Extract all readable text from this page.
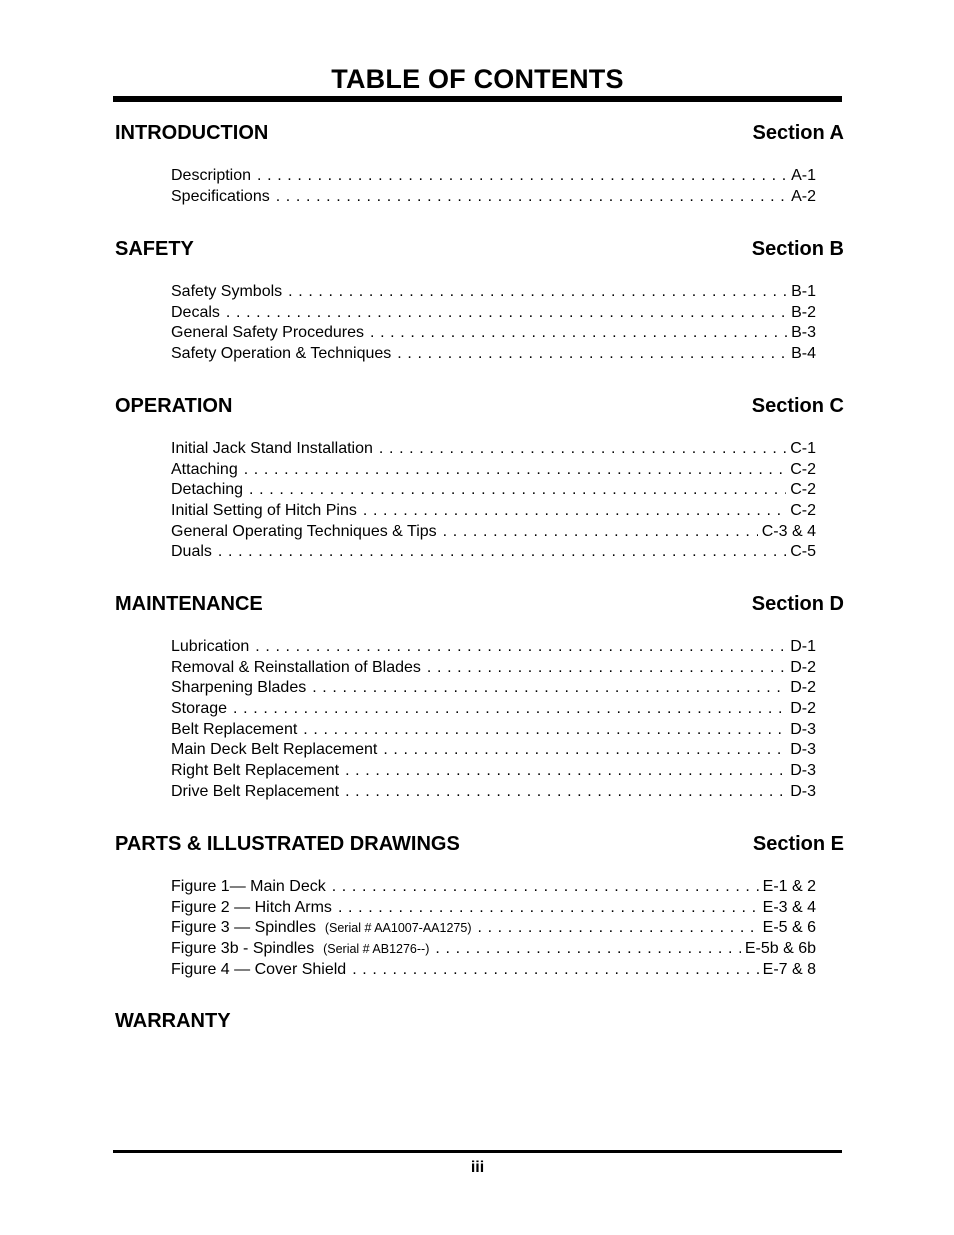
TABLE OF CONTENTS
INTRODUCTION	Section A
Description . . .	A-1
Specifications . . .	A-2
SAFETY	Section B
Safety Symbols . . .	B-1
Decals . . .	B-2
General Safety Procedures . . .	B-3
Safety Operation & Techniques . . .	B-4
OPERATION	Section C
Initial Jack Stand Installation . . .	C-1
Attaching . . .	C-2
Detaching . . .	C-2
Initial Setting of Hitch Pins . . .	C-2
General Operating Techniques & Tips . . .	C-3 & 4
Duals . . .	C-5
MAINTENANCE	Section D
Lubrication . . .	D-1
Removal & Reinstallation of Blades . . .	D-2
Sharpening Blades . . .	D-2
Storage . . .	D-2
Belt Replacement . . .	D-3
Main Deck Belt Replacement . . .	D-3
Right Belt Replacement . . .	D-3
Drive Belt Replacement . . .	D-3
PARTS & ILLUSTRATED DRAWINGS	Section E
Figure 1— Main Deck . . .	E-1 & 2
Figure 2 — Hitch Arms . . .	E-3 & 4
Figure 3 — Spindles (Serial # AA1007-AA1275) . . .	E-5 & 6
Figure 3b - Spindles (Serial # AB1276--) . . .	E-5b & 6b
Figure 4 — Cover Shield . . .	E-7 & 8
WARRANTY
iii
